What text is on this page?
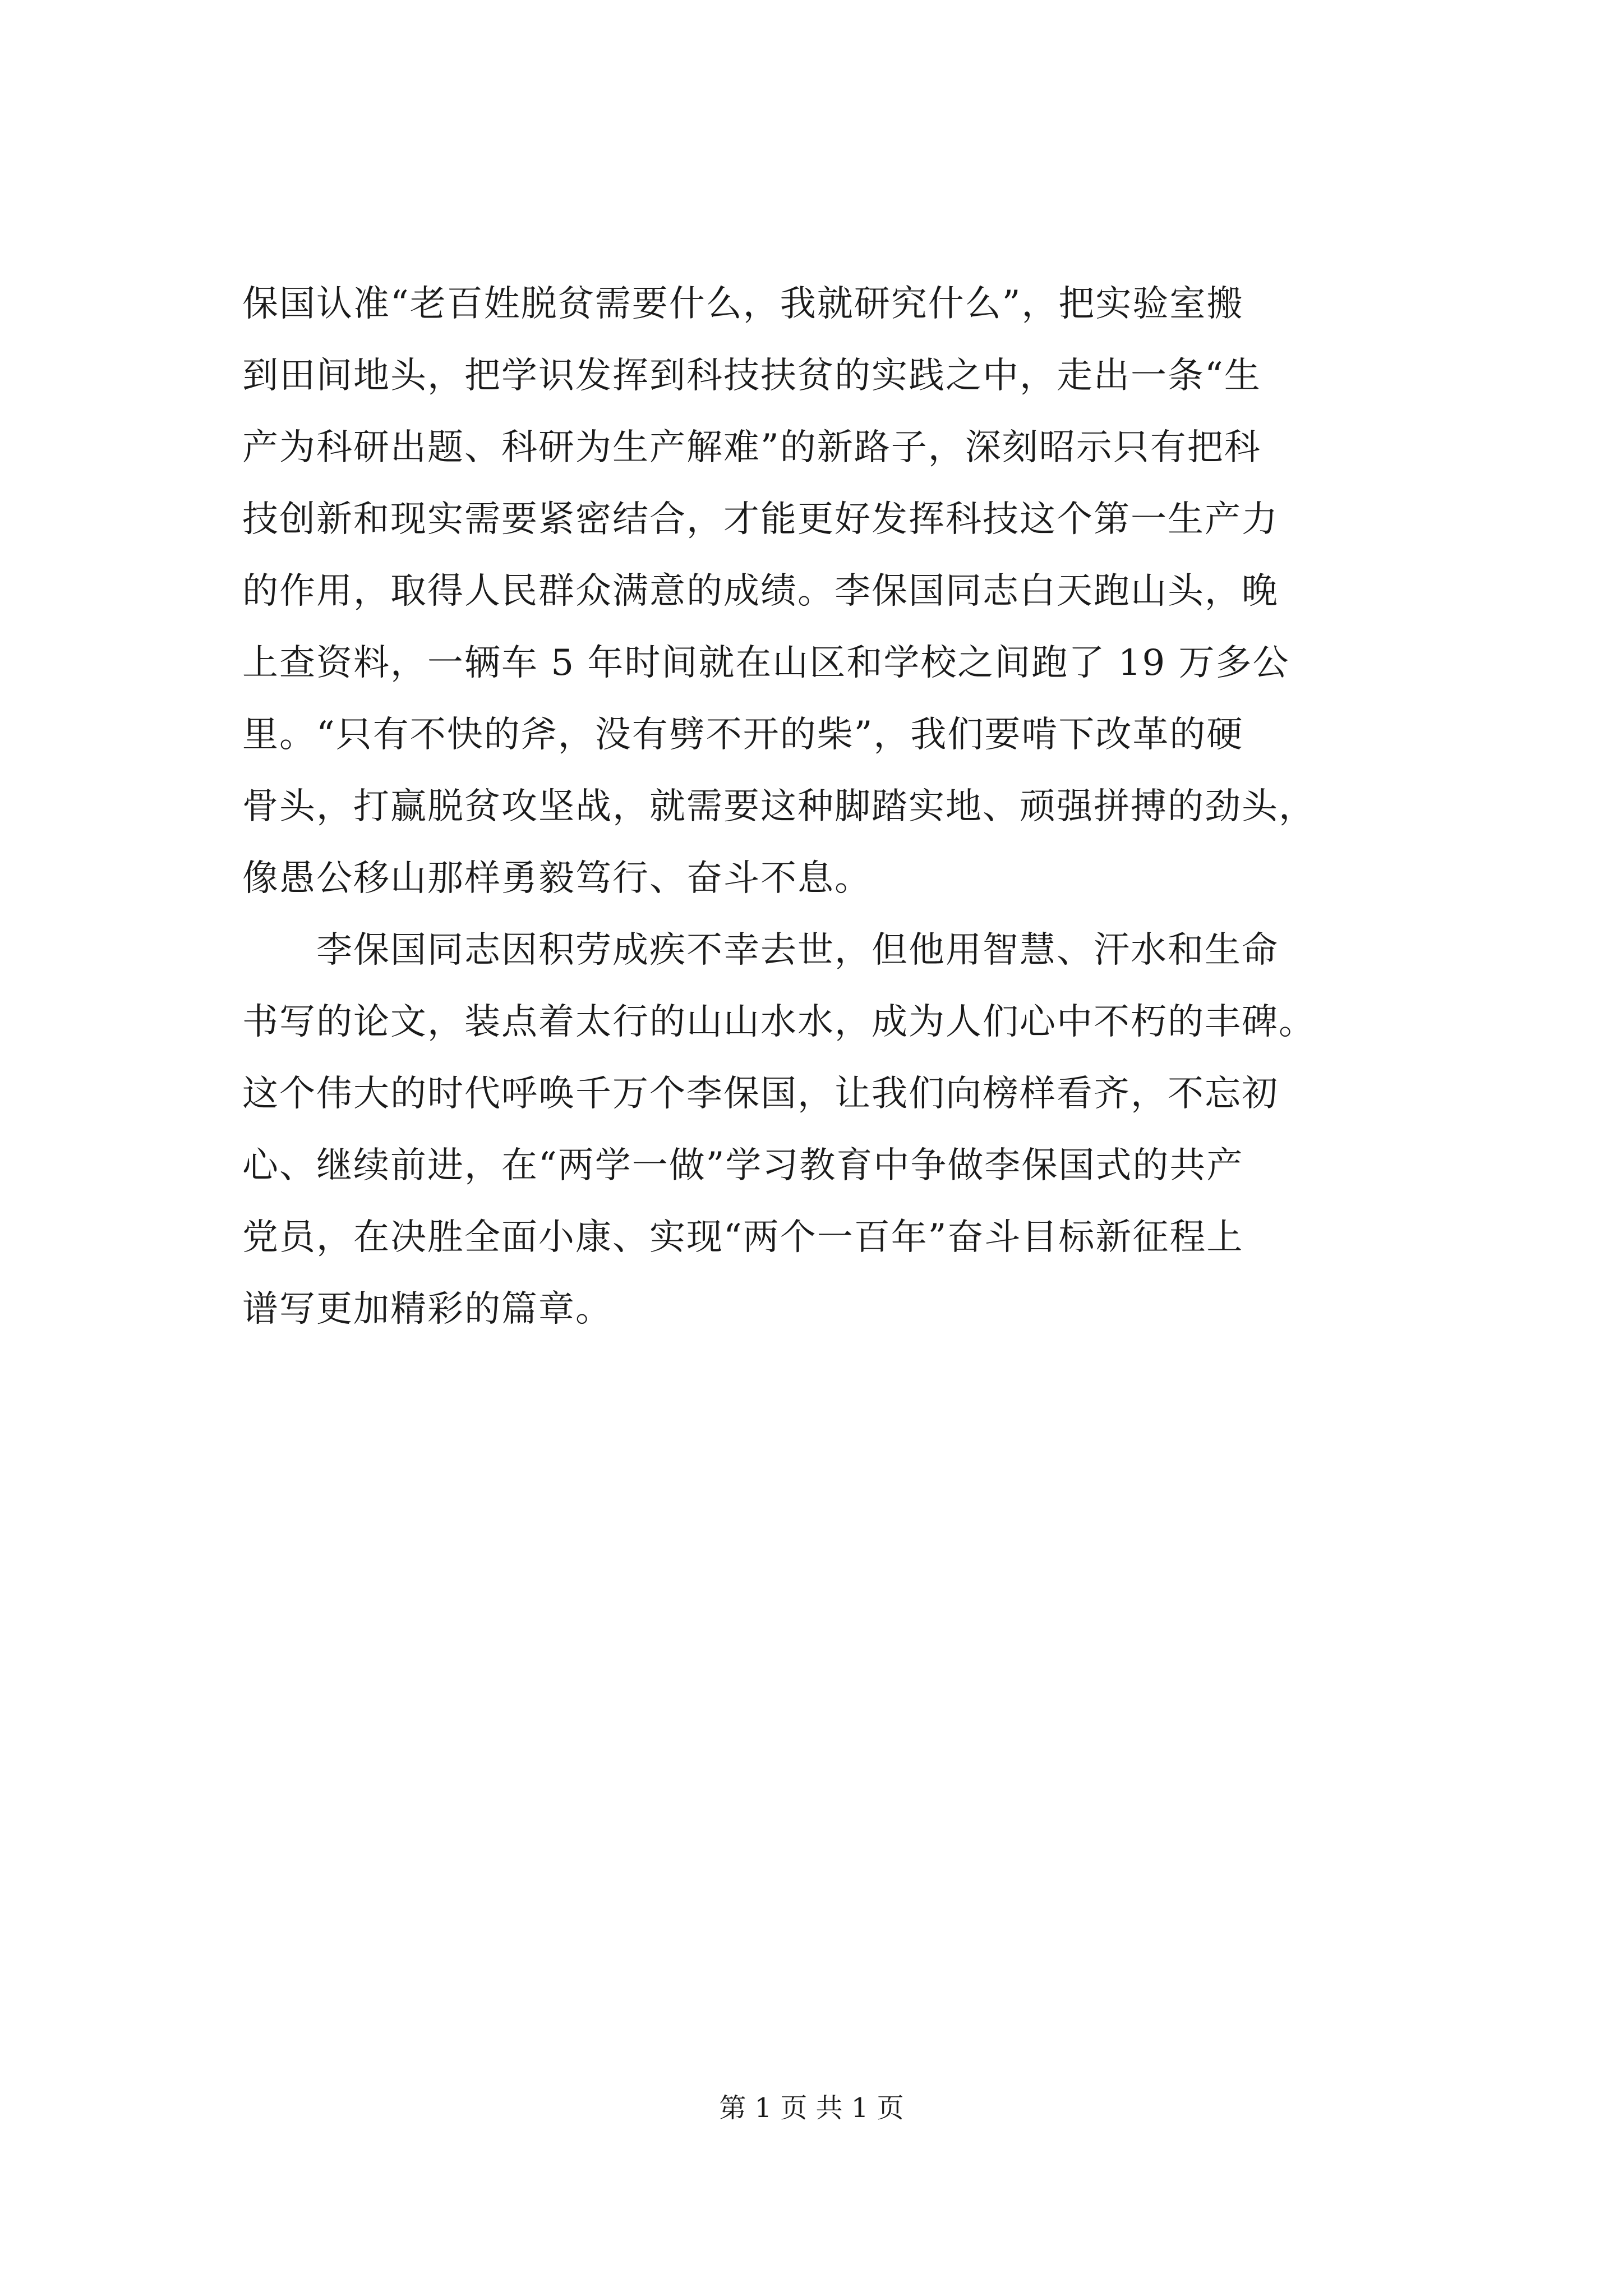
保国认准“老百姓脱贫需要什么，我就研究什么”，把实验室搬
到田间地头，把学识发挥到科技扶贫的实践之中，走出一条“生
产为科研出题、科研为生产解难”的新路子，深刻昭示只有把科
技创新和现实需要紧密结合，才能更好发挥科技这个第一生产力
的作用，取得人民群众满意的成绩。李保国同志白天跑山头，晚
上查资料，一辆车 5 年时间就在山区和学校之间跑了 19 万多公
里。“只有不快的斧，没有劈不开的柴”，我们要啃下改革的硬
骨头，打赢脱贫攻坚战，就需要这种脚踏实地、顽强拼搏的劲头，
像愚公移山那样勇毅笃行、奋斗不息。
　　李保国同志因积劳成疾不幸去世，但他用智慧、汗水和生命
书写的论文，装点着太行的山山水水，成为人们心中不朽的丰碑。
这个伟大的时代呼唤千万个李保国，让我们向榜样看齐，不忘初
心、继续前进，在“两学一做”学习教育中争做李保国式的共产
党员，在决胜全面小康、实现“两个一百年”奋斗目标新征程上
谱写更加精彩的篇章。
第 1 页 共 1 页
